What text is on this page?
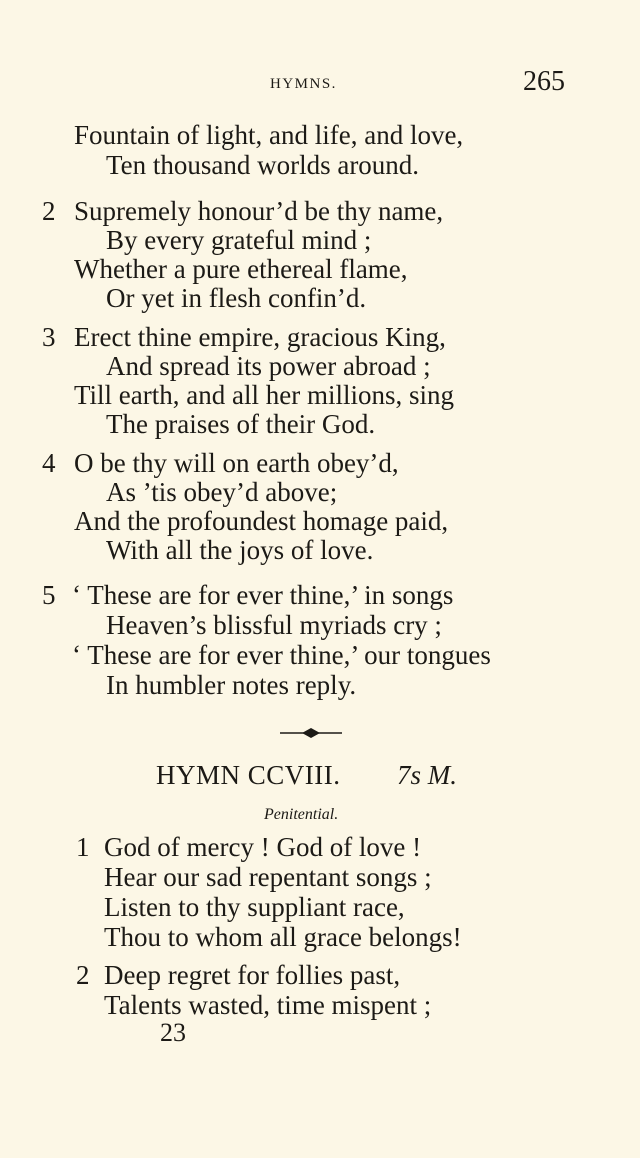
HYMNS.	265
Fountain of light, and life, and love,
Ten thousand worlds around.
2 Supremely honour’d be thy name,
By every grateful mind ;
Whether a pure ethereal flame,
Or yet in flesh confin’d.
3 Erect thine empire, gracious King,
And spread its power abroad ;
Till earth, and all her millions, sing
The praises of their God.
4 O be thy will on earth obey’d,
As ’tis obey’d above;
And the profoundest homage paid,
With all the joys of love.
5 ‘ These are for ever thine,’ in songs
Heaven’s blissful myriads cry ;
‘ These are for ever thine,’ our tongues
In humbler notes reply.
HYMN CCVIII. 7s M.
Penitential.
1 God of mercy ! God of love !
Hear our sad repentant songs ;
Listen to thy suppliant race,
Thou to whom all grace belongs!
2 Deep regret for follies past,
Talents wasted, time mispent ;
23
